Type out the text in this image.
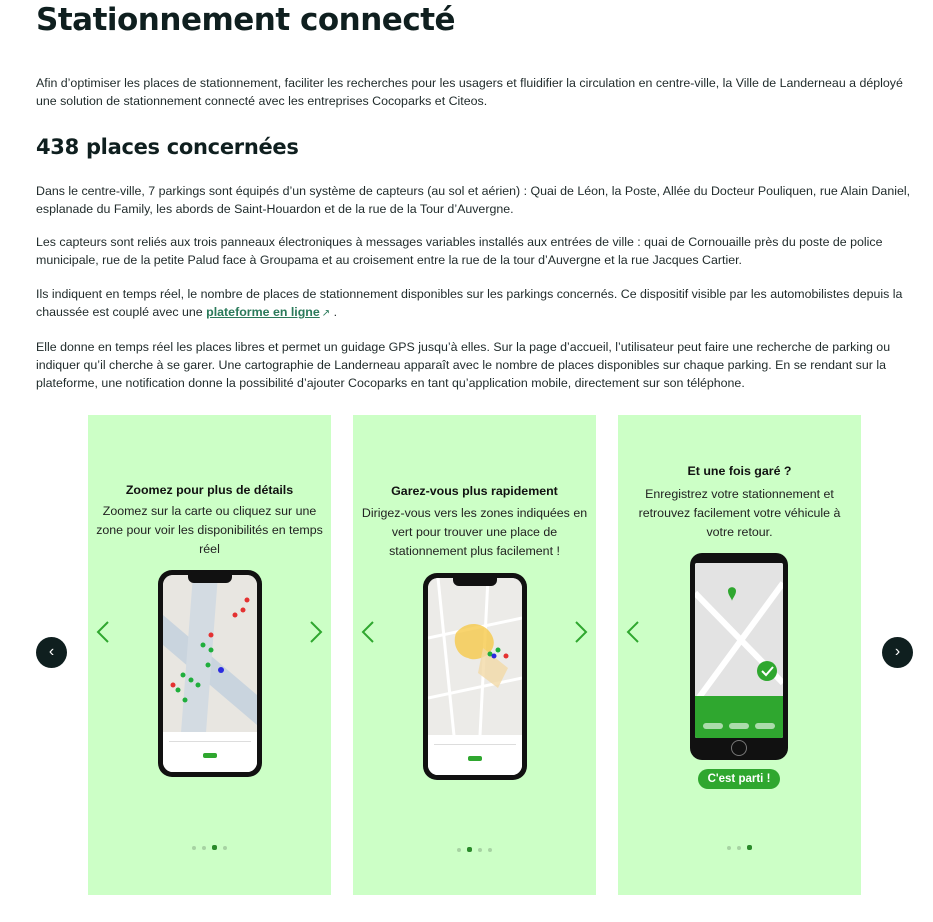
Stationnement connecté

Afin d’optimiser les places de stationnement, faciliter les recherches pour les usagers et fluidifier la circulation en centre-ville, la Ville de Landerneau a déployé une solution de stationnement connecté avec les entreprises Cocoparks et Citeos.

438 places concernées

Dans le centre-ville, 7 parkings sont équipés d’un système de capteurs (au sol et aérien) : Quai de Léon, la Poste, Allée du Docteur Pouliquen, rue Alain Daniel, esplanade du Family, les abords de Saint-Houardon et de la rue de la Tour d’Auvergne.

Les capteurs sont reliés aux trois panneaux électroniques à messages variables installés aux entrées de ville : quai de Cornouaille près du poste de police municipale, rue de la petite Palud face à Groupama et au croisement entre la rue de la tour d’Auvergne et la rue Jacques Cartier.

Ils indiquent en temps réel, le nombre de places de stationnement disponibles sur les parkings concernés. Ce dispositif visible par les automobilistes depuis la chaussée est couplé avec une plateforme en ligne ↗ .

Elle donne en temps réel les places libres et permet un guidage GPS jusqu’à elles. Sur la page d’accueil, l’utilisateur peut faire une recherche de parking ou indiquer qu’il cherche à se garer. Une cartographie de Landerneau apparaît avec le nombre de places disponibles sur chaque parking. En se rendant sur la plateforme, une notification donne la possibilité d’ajouter Cocoparks en tant qu’application mobile, directement sur son téléphone.

‹	›
Zoomez pour plus de détails
Zoomez sur la carte ou cliquez sur une zone pour voir les disponibilités en temps réel
Garez-vous plus rapidement
Dirigez-vous vers les zones indiquées en vert pour trouver une place de stationnement plus facilement !
Et une fois garé ?
Enregistrez votre stationnement et retrouvez facilement votre véhicule à votre retour.
C'est parti !
